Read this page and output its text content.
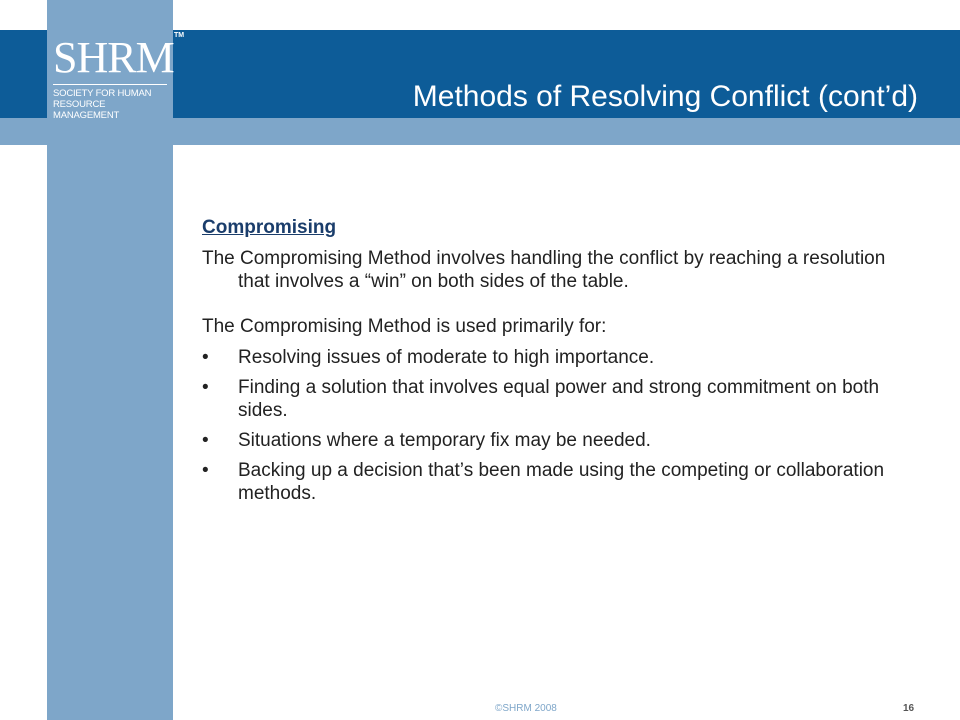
Methods of Resolving Conflict (cont’d)
SHRM TM
SOCIETY FOR HUMAN
RESOURCE MANAGEMENT

Compromising

The Compromising Method involves handling the conflict by reaching a resolution that involves a “win” on both sides of the table.

The Compromising Method is used primarily for:

• Resolving issues of moderate to high importance.
• Finding a solution that involves equal power and strong commitment on both sides.
• Situations where a temporary fix may be needed.
• Backing up a decision that’s been made using the competing or collaboration methods.
©SHRM 2008	16
